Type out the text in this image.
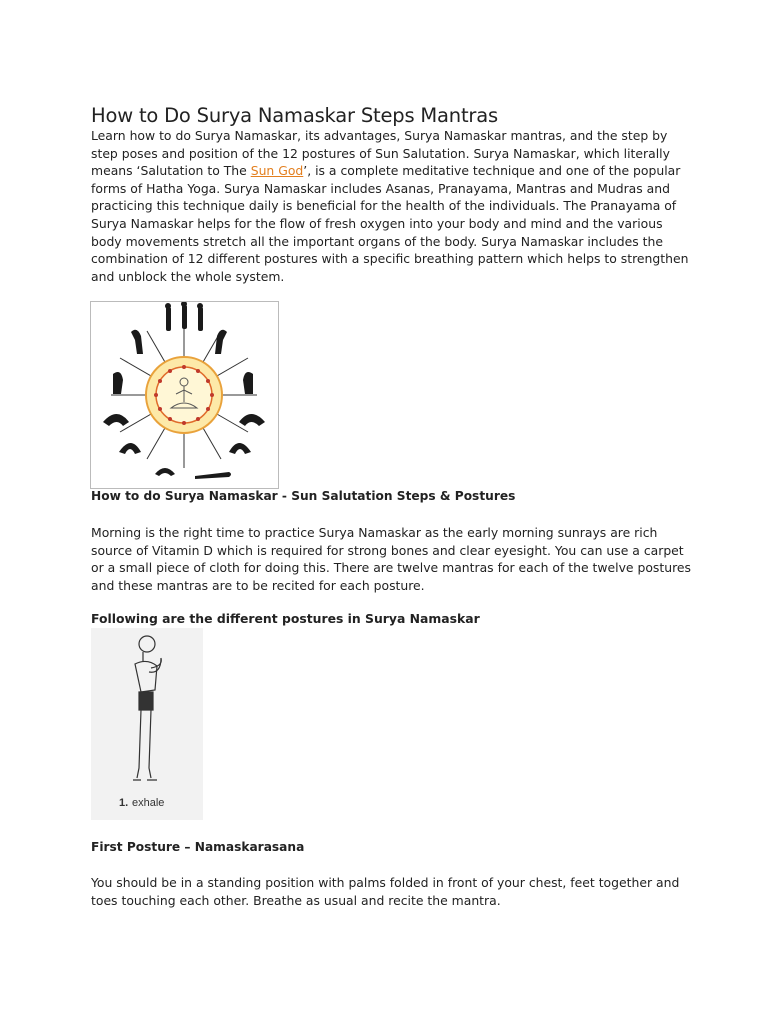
How to Do Surya Namaskar Steps Mantras
Learn how to do Surya Namaskar, its advantages, Surya Namaskar mantras, and the step by step poses and position of the 12 postures of Sun Salutation. Surya Namaskar, which literally means ‘Salutation to The Sun God’, is a complete meditative technique and one of the popular forms of Hatha Yoga. Surya Namaskar includes Asanas, Pranayama, Mantras and Mudras and practicing this technique daily is beneficial for the health of the individuals. The Pranayama of Surya Namaskar helps for the flow of fresh oxygen into your body and mind and the various body movements stretch all the important organs of the body. Surya Namaskar includes the combination of 12 different postures with a specific breathing pattern which helps to strengthen and unblock the whole system.
How to do Surya Namaskar - Sun Salutation Steps & Postures
Morning is the right time to practice Surya Namaskar as the early morning sunrays are rich source of Vitamin D which is required for strong bones and clear eyesight. You can use a carpet or a small piece of cloth for doing this. There are twelve mantras for each of the twelve postures and these mantras are to be recited for each posture.
Following are the different postures in Surya Namaskar
1. exhale
First Posture – Namaskarasana
You should be in a standing position with palms folded in front of your chest, feet together and toes touching each other. Breathe as usual and recite the mantra.
